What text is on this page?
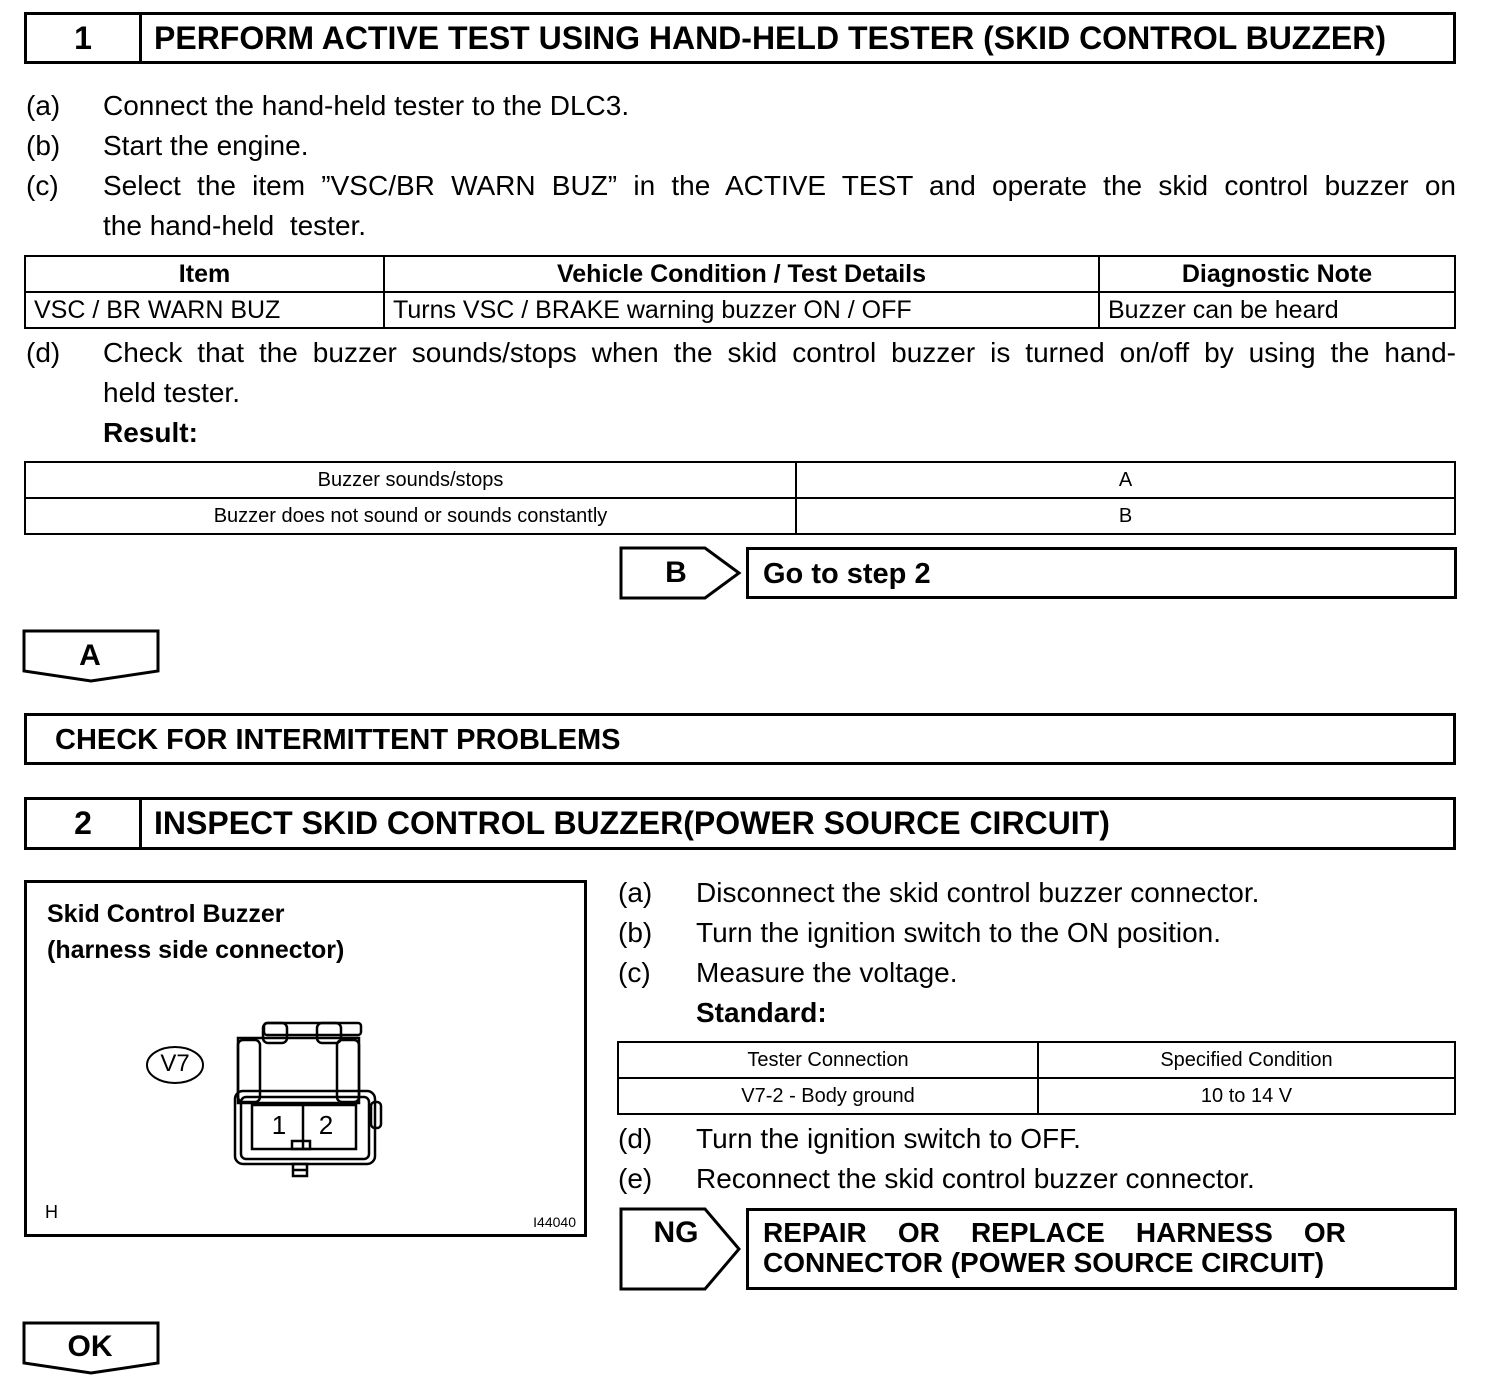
1	PERFORM ACTIVE TEST USING HAND-HELD TESTER (SKID CONTROL BUZZER)
(a) Connect the hand-held tester to the DLC3.
(b) Start the engine.
(c) Select the item ”VSC/BR WARN BUZ” in the ACTIVE TEST and operate the skid control buzzer on
the hand-held  tester.
Item	Vehicle Condition / Test Details	Diagnostic Note
VSC / BR WARN BUZ	Turns VSC / BRAKE warning buzzer ON / OFF	Buzzer can be heard
(d) Check that the buzzer sounds/stops when the skid control buzzer is turned on/off by using the hand-
held tester.
Result:
Buzzer sounds/stops	A
Buzzer does not sound or sounds constantly	B
B	Go to step 2
A
CHECK FOR INTERMITTENT PROBLEMS
2	INSPECT SKID CONTROL BUZZER(POWER SOURCE CIRCUIT)
Skid Control Buzzer
(harness side connector)
V7
1 2
H	I44040
(a) Disconnect the skid control buzzer connector.
(b) Turn the ignition switch to the ON position.
(c) Measure the voltage.
Standard:
Tester Connection	Specified Condition
V7-2 - Body ground	10 to 14 V
(d) Turn the ignition switch to OFF.
(e) Reconnect the skid control buzzer connector.
NG	REPAIR    OR    REPLACE    HARNESS    OR
CONNECTOR (POWER SOURCE CIRCUIT)
OK
